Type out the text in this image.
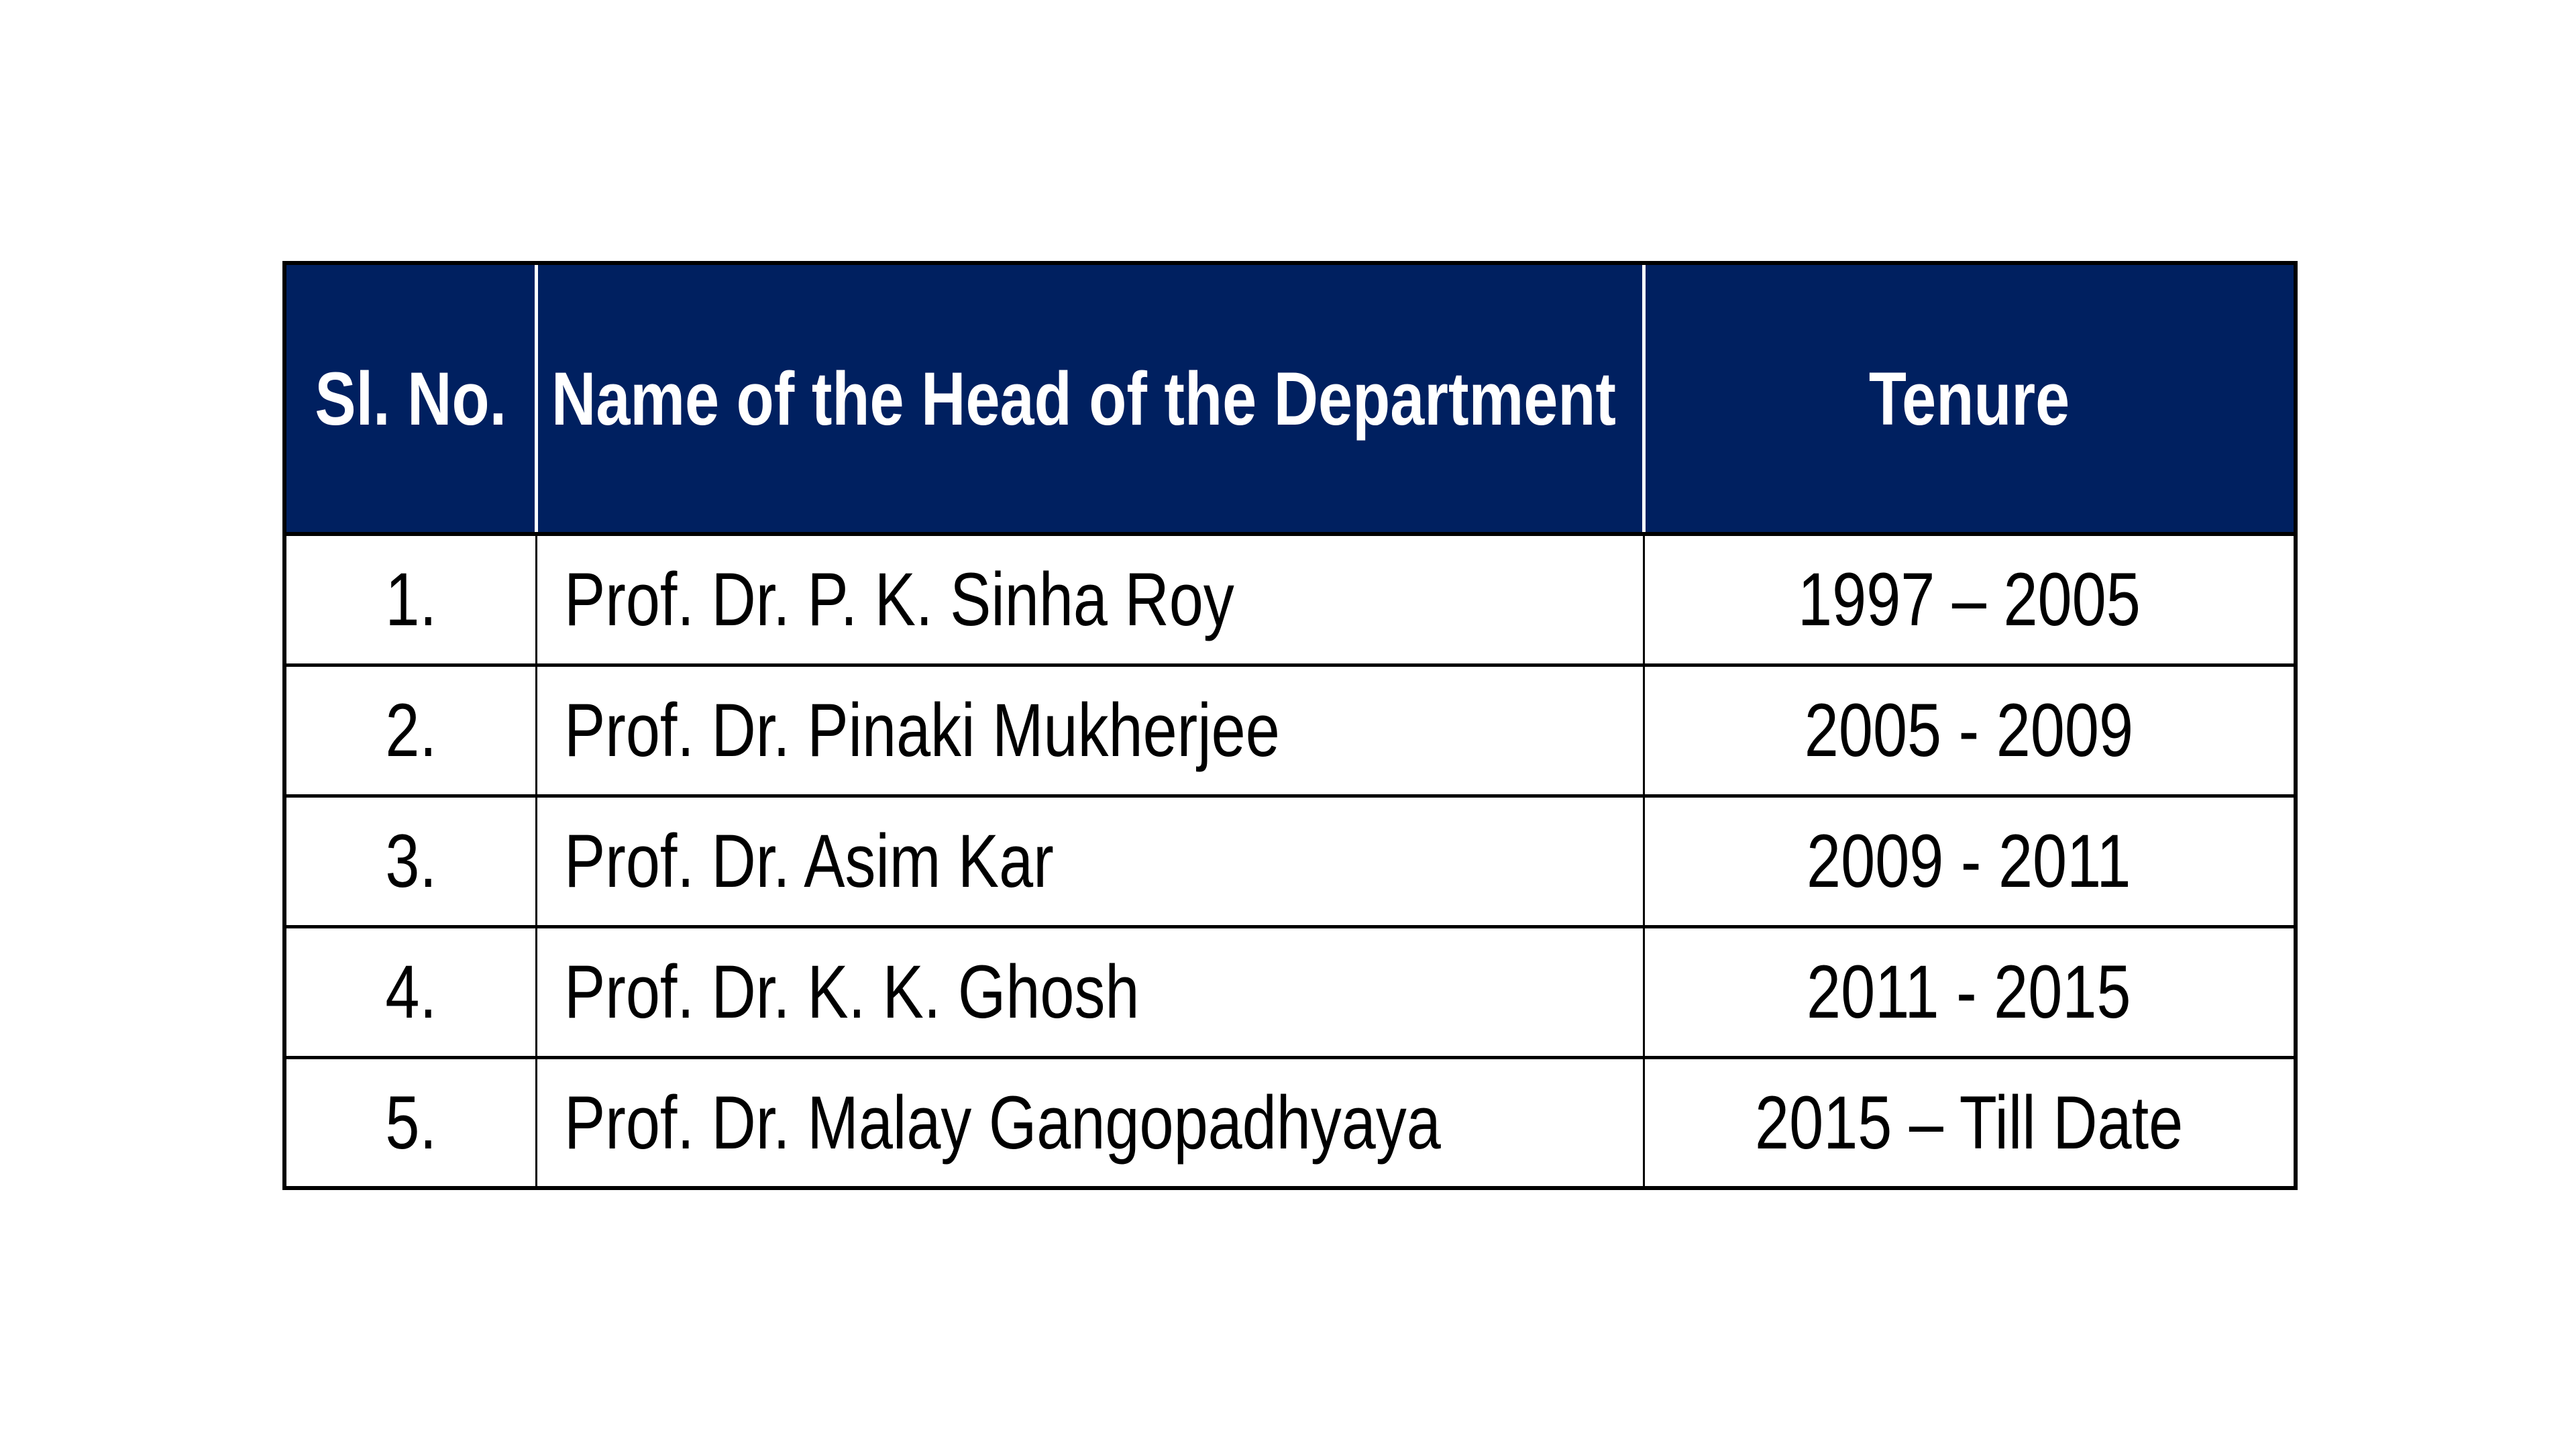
Sl. No.	Name of the Head of the Department	Tenure
1.	Prof. Dr. P. K. Sinha Roy	1997 – 2005
2.	Prof. Dr. Pinaki Mukherjee	2005 - 2009
3.	Prof. Dr. Asim Kar	2009 - 2011
4.	Prof. Dr. K. K. Ghosh	2011 - 2015
5.	Prof. Dr. Malay Gangopadhyaya	2015 – Till Date
